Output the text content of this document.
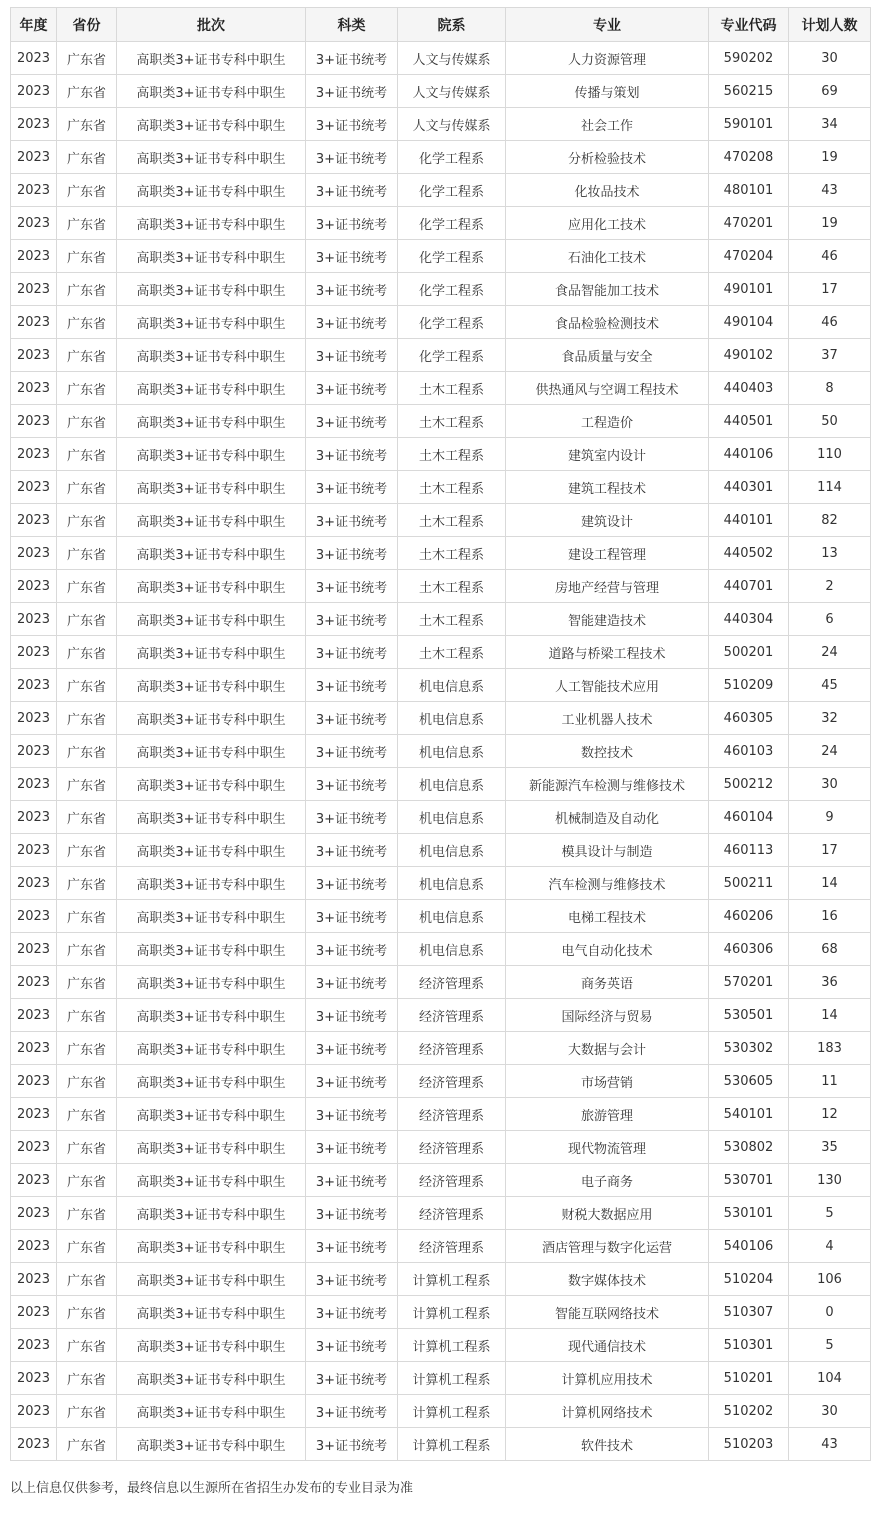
年度	省份	批次	科类	院系	专业	专业代码	计划人数
2023	广东省	高职类3+证书专科中职生	3+证书统考	人文与传媒系	人力资源管理	590202	30
2023	广东省	高职类3+证书专科中职生	3+证书统考	人文与传媒系	传播与策划	560215	69
2023	广东省	高职类3+证书专科中职生	3+证书统考	人文与传媒系	社会工作	590101	34
2023	广东省	高职类3+证书专科中职生	3+证书统考	化学工程系	分析检验技术	470208	19
2023	广东省	高职类3+证书专科中职生	3+证书统考	化学工程系	化妆品技术	480101	43
2023	广东省	高职类3+证书专科中职生	3+证书统考	化学工程系	应用化工技术	470201	19
2023	广东省	高职类3+证书专科中职生	3+证书统考	化学工程系	石油化工技术	470204	46
2023	广东省	高职类3+证书专科中职生	3+证书统考	化学工程系	食品智能加工技术	490101	17
2023	广东省	高职类3+证书专科中职生	3+证书统考	化学工程系	食品检验检测技术	490104	46
2023	广东省	高职类3+证书专科中职生	3+证书统考	化学工程系	食品质量与安全	490102	37
2023	广东省	高职类3+证书专科中职生	3+证书统考	土木工程系	供热通风与空调工程技术	440403	8
2023	广东省	高职类3+证书专科中职生	3+证书统考	土木工程系	工程造价	440501	50
2023	广东省	高职类3+证书专科中职生	3+证书统考	土木工程系	建筑室内设计	440106	110
2023	广东省	高职类3+证书专科中职生	3+证书统考	土木工程系	建筑工程技术	440301	114
2023	广东省	高职类3+证书专科中职生	3+证书统考	土木工程系	建筑设计	440101	82
2023	广东省	高职类3+证书专科中职生	3+证书统考	土木工程系	建设工程管理	440502	13
2023	广东省	高职类3+证书专科中职生	3+证书统考	土木工程系	房地产经营与管理	440701	2
2023	广东省	高职类3+证书专科中职生	3+证书统考	土木工程系	智能建造技术	440304	6
2023	广东省	高职类3+证书专科中职生	3+证书统考	土木工程系	道路与桥梁工程技术	500201	24
2023	广东省	高职类3+证书专科中职生	3+证书统考	机电信息系	人工智能技术应用	510209	45
2023	广东省	高职类3+证书专科中职生	3+证书统考	机电信息系	工业机器人技术	460305	32
2023	广东省	高职类3+证书专科中职生	3+证书统考	机电信息系	数控技术	460103	24
2023	广东省	高职类3+证书专科中职生	3+证书统考	机电信息系	新能源汽车检测与维修技术	500212	30
2023	广东省	高职类3+证书专科中职生	3+证书统考	机电信息系	机械制造及自动化	460104	9
2023	广东省	高职类3+证书专科中职生	3+证书统考	机电信息系	模具设计与制造	460113	17
2023	广东省	高职类3+证书专科中职生	3+证书统考	机电信息系	汽车检测与维修技术	500211	14
2023	广东省	高职类3+证书专科中职生	3+证书统考	机电信息系	电梯工程技术	460206	16
2023	广东省	高职类3+证书专科中职生	3+证书统考	机电信息系	电气自动化技术	460306	68
2023	广东省	高职类3+证书专科中职生	3+证书统考	经济管理系	商务英语	570201	36
2023	广东省	高职类3+证书专科中职生	3+证书统考	经济管理系	国际经济与贸易	530501	14
2023	广东省	高职类3+证书专科中职生	3+证书统考	经济管理系	大数据与会计	530302	183
2023	广东省	高职类3+证书专科中职生	3+证书统考	经济管理系	市场营销	530605	11
2023	广东省	高职类3+证书专科中职生	3+证书统考	经济管理系	旅游管理	540101	12
2023	广东省	高职类3+证书专科中职生	3+证书统考	经济管理系	现代物流管理	530802	35
2023	广东省	高职类3+证书专科中职生	3+证书统考	经济管理系	电子商务	530701	130
2023	广东省	高职类3+证书专科中职生	3+证书统考	经济管理系	财税大数据应用	530101	5
2023	广东省	高职类3+证书专科中职生	3+证书统考	经济管理系	酒店管理与数字化运营	540106	4
2023	广东省	高职类3+证书专科中职生	3+证书统考	计算机工程系	数字媒体技术	510204	106
2023	广东省	高职类3+证书专科中职生	3+证书统考	计算机工程系	智能互联网络技术	510307	0
2023	广东省	高职类3+证书专科中职生	3+证书统考	计算机工程系	现代通信技术	510301	5
2023	广东省	高职类3+证书专科中职生	3+证书统考	计算机工程系	计算机应用技术	510201	104
2023	广东省	高职类3+证书专科中职生	3+证书统考	计算机工程系	计算机网络技术	510202	30
2023	广东省	高职类3+证书专科中职生	3+证书统考	计算机工程系	软件技术	510203	43
以上信息仅供参考，最终信息以生源所在省招生办发布的专业目录为准
